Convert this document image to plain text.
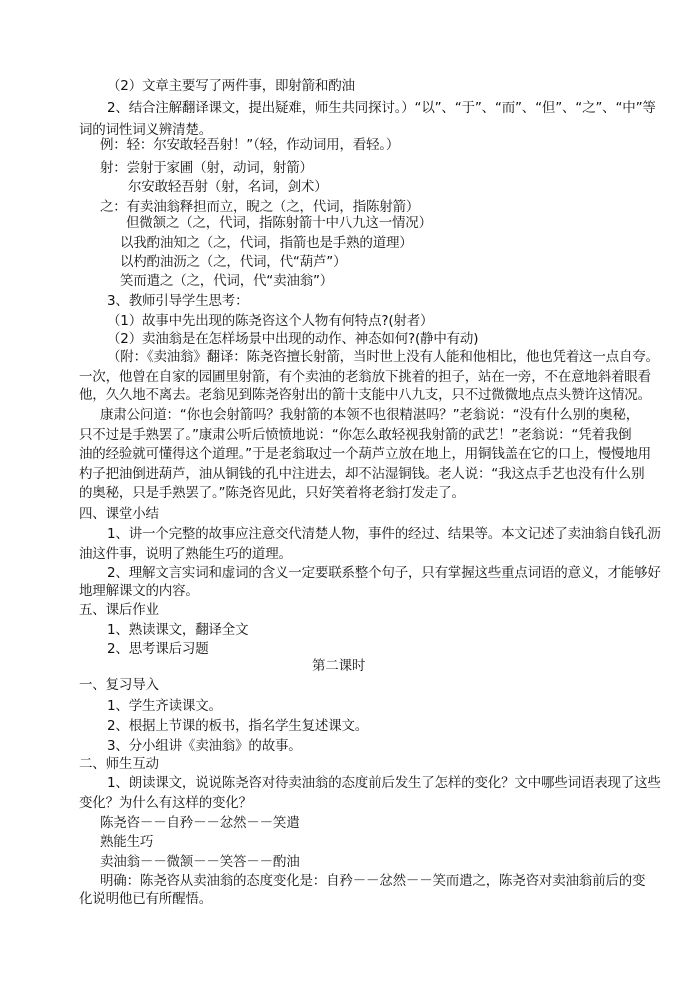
（2）文章主要写了两件事，即射箭和酌油
2、结合注解翻译课文，提出疑难，师生共同探讨。）“以”、“于”、“而”、“但”、“之”、“中”等
词的词性词义辨清楚。
例：轻：尔安敢轻吾射！”（轻，作动词用，看轻。）
射：尝射于家圃（射，动词，射箭）
尔安敢轻吾射（射，名词，剑术）
之：有卖油翁释担而立，睨之（之，代词，指陈射箭）
但微颔之（之，代词，指陈射箭十中八九这一情况）
以我酌油知之（之，代词，指箭也是手熟的道理）
以杓酌油沥之（之，代词，代“葫芦”）
笑而遣之（之，代词，代“卖油翁”）
3、教师引导学生思考：
（1）故事中先出现的陈尧咨这个人物有何特点?(射者）
（2）卖油翁是在怎样场景中出现的动作、神态如何?(静中有动)
（附：《卖油翁》翻译：陈尧咨擅长射箭，当时世上没有人能和他相比，他也凭着这一点自夸。
一次，他曾在自家的园圃里射箭，有个卖油的老翁放下挑着的担子，站在一旁，不在意地斜着眼看
他，久久地不离去。老翁见到陈尧咨射出的箭十支能中八九支，只不过微微地点点头赞许这情况。
康肃公问道：“你也会射箭吗？我射箭的本领不也很精湛吗？”老翁说：“没有什么别的奥秘，
只不过是手熟罢了。”康肃公听后愤愤地说：“你怎么敢轻视我射箭的武艺！”老翁说：“凭着我倒
油的经验就可懂得这个道理。”于是老翁取过一个葫芦立放在地上，用铜钱盖在它的口上，慢慢地用
杓子把油倒进葫芦，油从铜钱的孔中注进去，却不沾湿铜钱。老人说：“我这点手艺也没有什么别
的奥秘，只是手熟罢了。”陈尧咨见此，只好笑着将老翁打发走了。
四、课堂小结
1、讲一个完整的故事应注意交代清楚人物，事件的经过、结果等。本文记述了卖油翁自钱孔沥
油这件事，说明了熟能生巧的道理。
2、理解文言实词和虚词的含义一定要联系整个句子，只有掌握这些重点词语的意义，才能够好
地理解课文的内容。
五、课后作业
1、熟读课文，翻译全文
2、思考课后习题
第二课时
一、复习导入
1、学生齐读课文。
2、根据上节课的板书，指名学生复述课文。
3、分小组讲《卖油翁》的故事。
二、师生互动
1、朗读课文，说说陈尧咨对待卖油翁的态度前后发生了怎样的变化？文中哪些词语表现了这些
变化？为什么有这样的变化？
陈尧咨－－自矜－－忿然－－笑遣
熟能生巧
卖油翁－－微颔－－笑答－－酌油
明确：陈尧咨从卖油翁的态度变化是：自矜－－忿然－－笑而遣之，陈尧咨对卖油翁前后的变
化说明他已有所醒悟。
